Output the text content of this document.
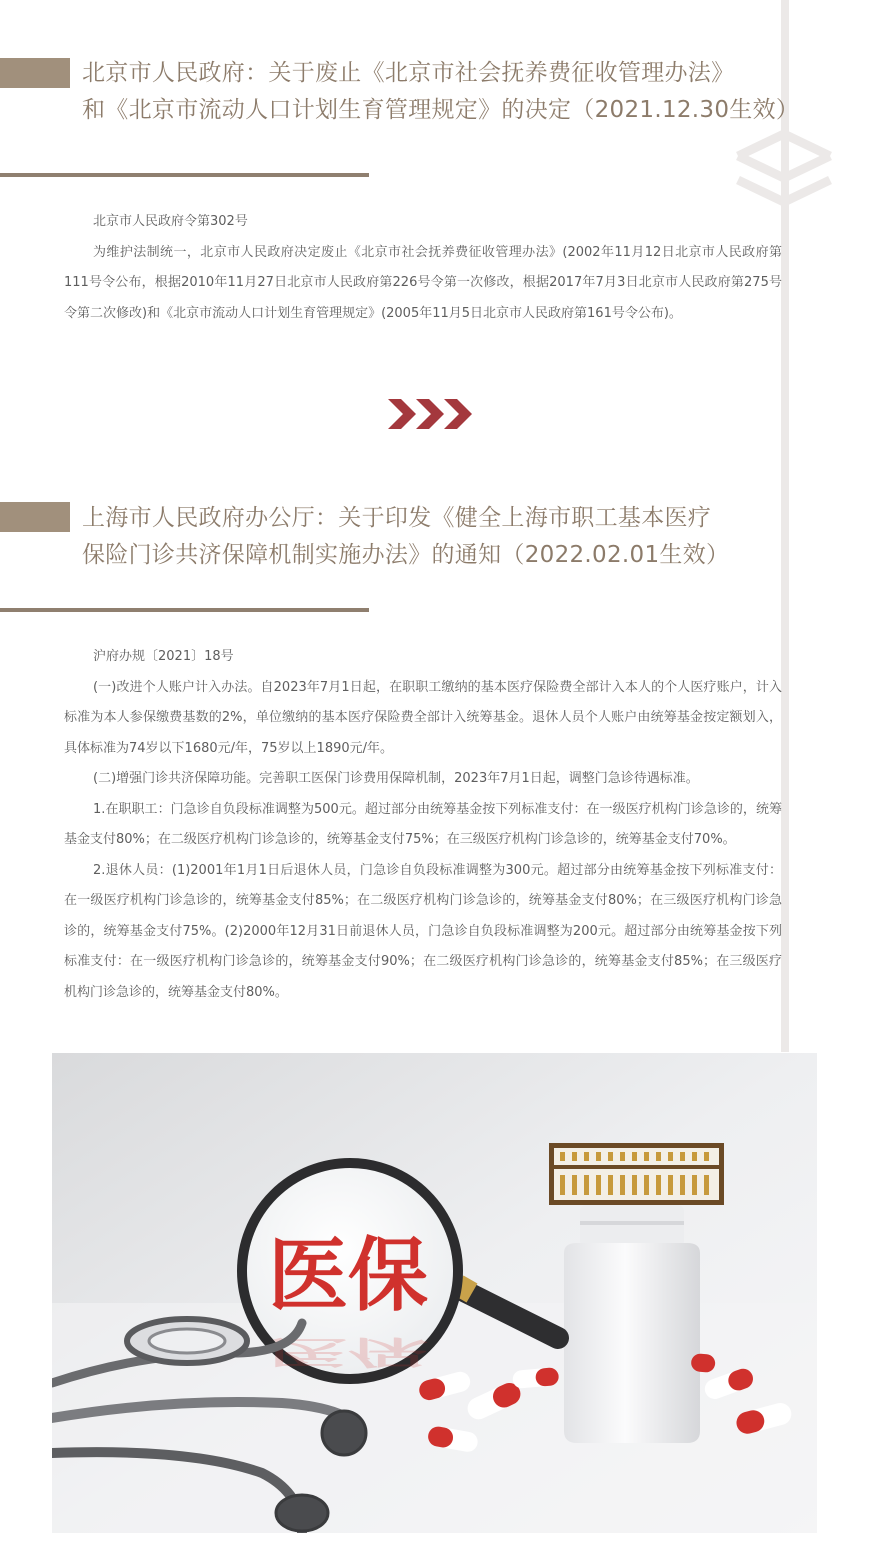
北京市人民政府：关于废止《北京市社会抚养费征收管理办法》
和《北京市流动人口计划生育管理规定》的决定（2021.12.30生效）

北京市人民政府令第302号

为维护法制统一，北京市人民政府决定废止《北京市社会抚养费征收管理办法》(2002年11月12日北京市人民政府第111号令公布，根据2010年11月27日北京市人民政府第226号令第一次修改，根据2017年7月3日北京市人民政府第275号令第二次修改)和《北京市流动人口计划生育管理规定》(2005年11月5日北京市人民政府第161号令公布)。

上海市人民政府办公厅：关于印发《健全上海市职工基本医疗
保险门诊共济保障机制实施办法》的通知（2022.02.01生效）

沪府办规〔2021〕18号

(一)改进个人账户计入办法。自2023年7月1日起，在职职工缴纳的基本医疗保险费全部计入本人的个人医疗账户，计入标准为本人参保缴费基数的2%，单位缴纳的基本医疗保险费全部计入统筹基金。退休人员个人账户由统筹基金按定额划入，具体标准为74岁以下1680元/年，75岁以上1890元/年。

(二)增强门诊共济保障功能。完善职工医保门诊费用保障机制，2023年7月1日起，调整门急诊待遇标准。

1.在职职工：门急诊自负段标准调整为500元。超过部分由统筹基金按下列标准支付：在一级医疗机构门诊急诊的，统筹基金支付80%；在二级医疗机构门诊急诊的，统筹基金支付75%；在三级医疗机构门诊急诊的，统筹基金支付70%。

2.退休人员：(1)2001年1月1日后退休人员，门急诊自负段标准调整为300元。超过部分由统筹基金按下列标准支付：在一级医疗机构门诊急诊的，统筹基金支付85%；在二级医疗机构门诊急诊的，统筹基金支付80%；在三级医疗机构门诊急诊的，统筹基金支付75%。(2)2000年12月31日前退休人员，门急诊自负段标准调整为200元。超过部分由统筹基金按下列标准支付：在一级医疗机构门诊急诊的，统筹基金支付90%；在二级医疗机构门诊急诊的，统筹基金支付85%；在三级医疗机构门诊急诊的，统筹基金支付80%。

医保
医保
